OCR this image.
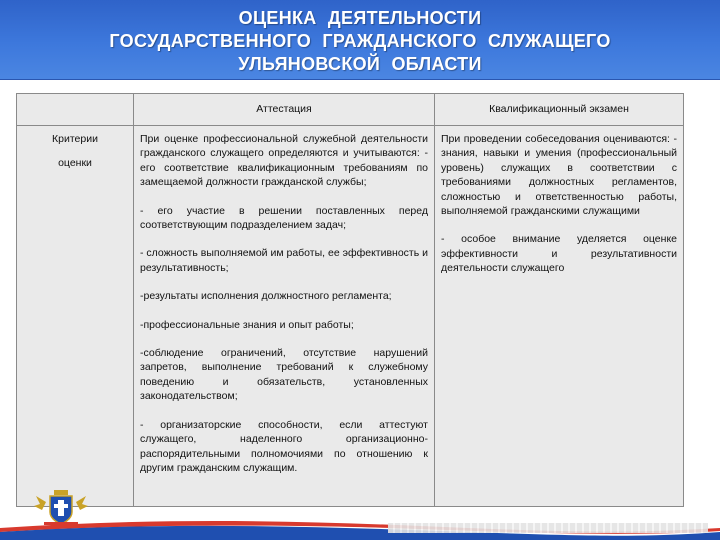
ОЦЕНКА ДЕЯТЕЛЬНОСТИ
ГОСУДАРСТВЕННОГО ГРАЖДАНСКОГО СЛУЖАЩЕГО
УЛЬЯНОВСКОЙ ОБЛАСТИ
Аттестация	Квалификационный экзамен
Критерии
оценки

При оценке профессиональной служебной деятельности гражданского служащего определяются и учитываются: - его соответствие квалификационным требованиям по замещаемой должности гражданской службы;

- его участие в решении поставленных перед соответствующим подразделением задач;

- сложность выполняемой им работы, ее эффективность и результативность;

-результаты исполнения должностного регламента;

-профессиональные знания и опыт работы;

-соблюдение ограничений, отсутствие нарушений запретов, выполнение требований к служебному поведению и обязательств, установленных законодательством;

- организаторские способности, если аттестуют служащего, наделенного организационно-распорядительными полномочиями по отношению к другим гражданским служащим.

При проведении собеседования оцениваются: - знания, навыки и умения (профессиональный уровень) служащих в соответствии с требованиями должностных регламентов, сложностью и ответственностью работы, выполняемой гражданскими служащими

- особое внимание уделяется оценке эффективности и результативности деятельности служащего
